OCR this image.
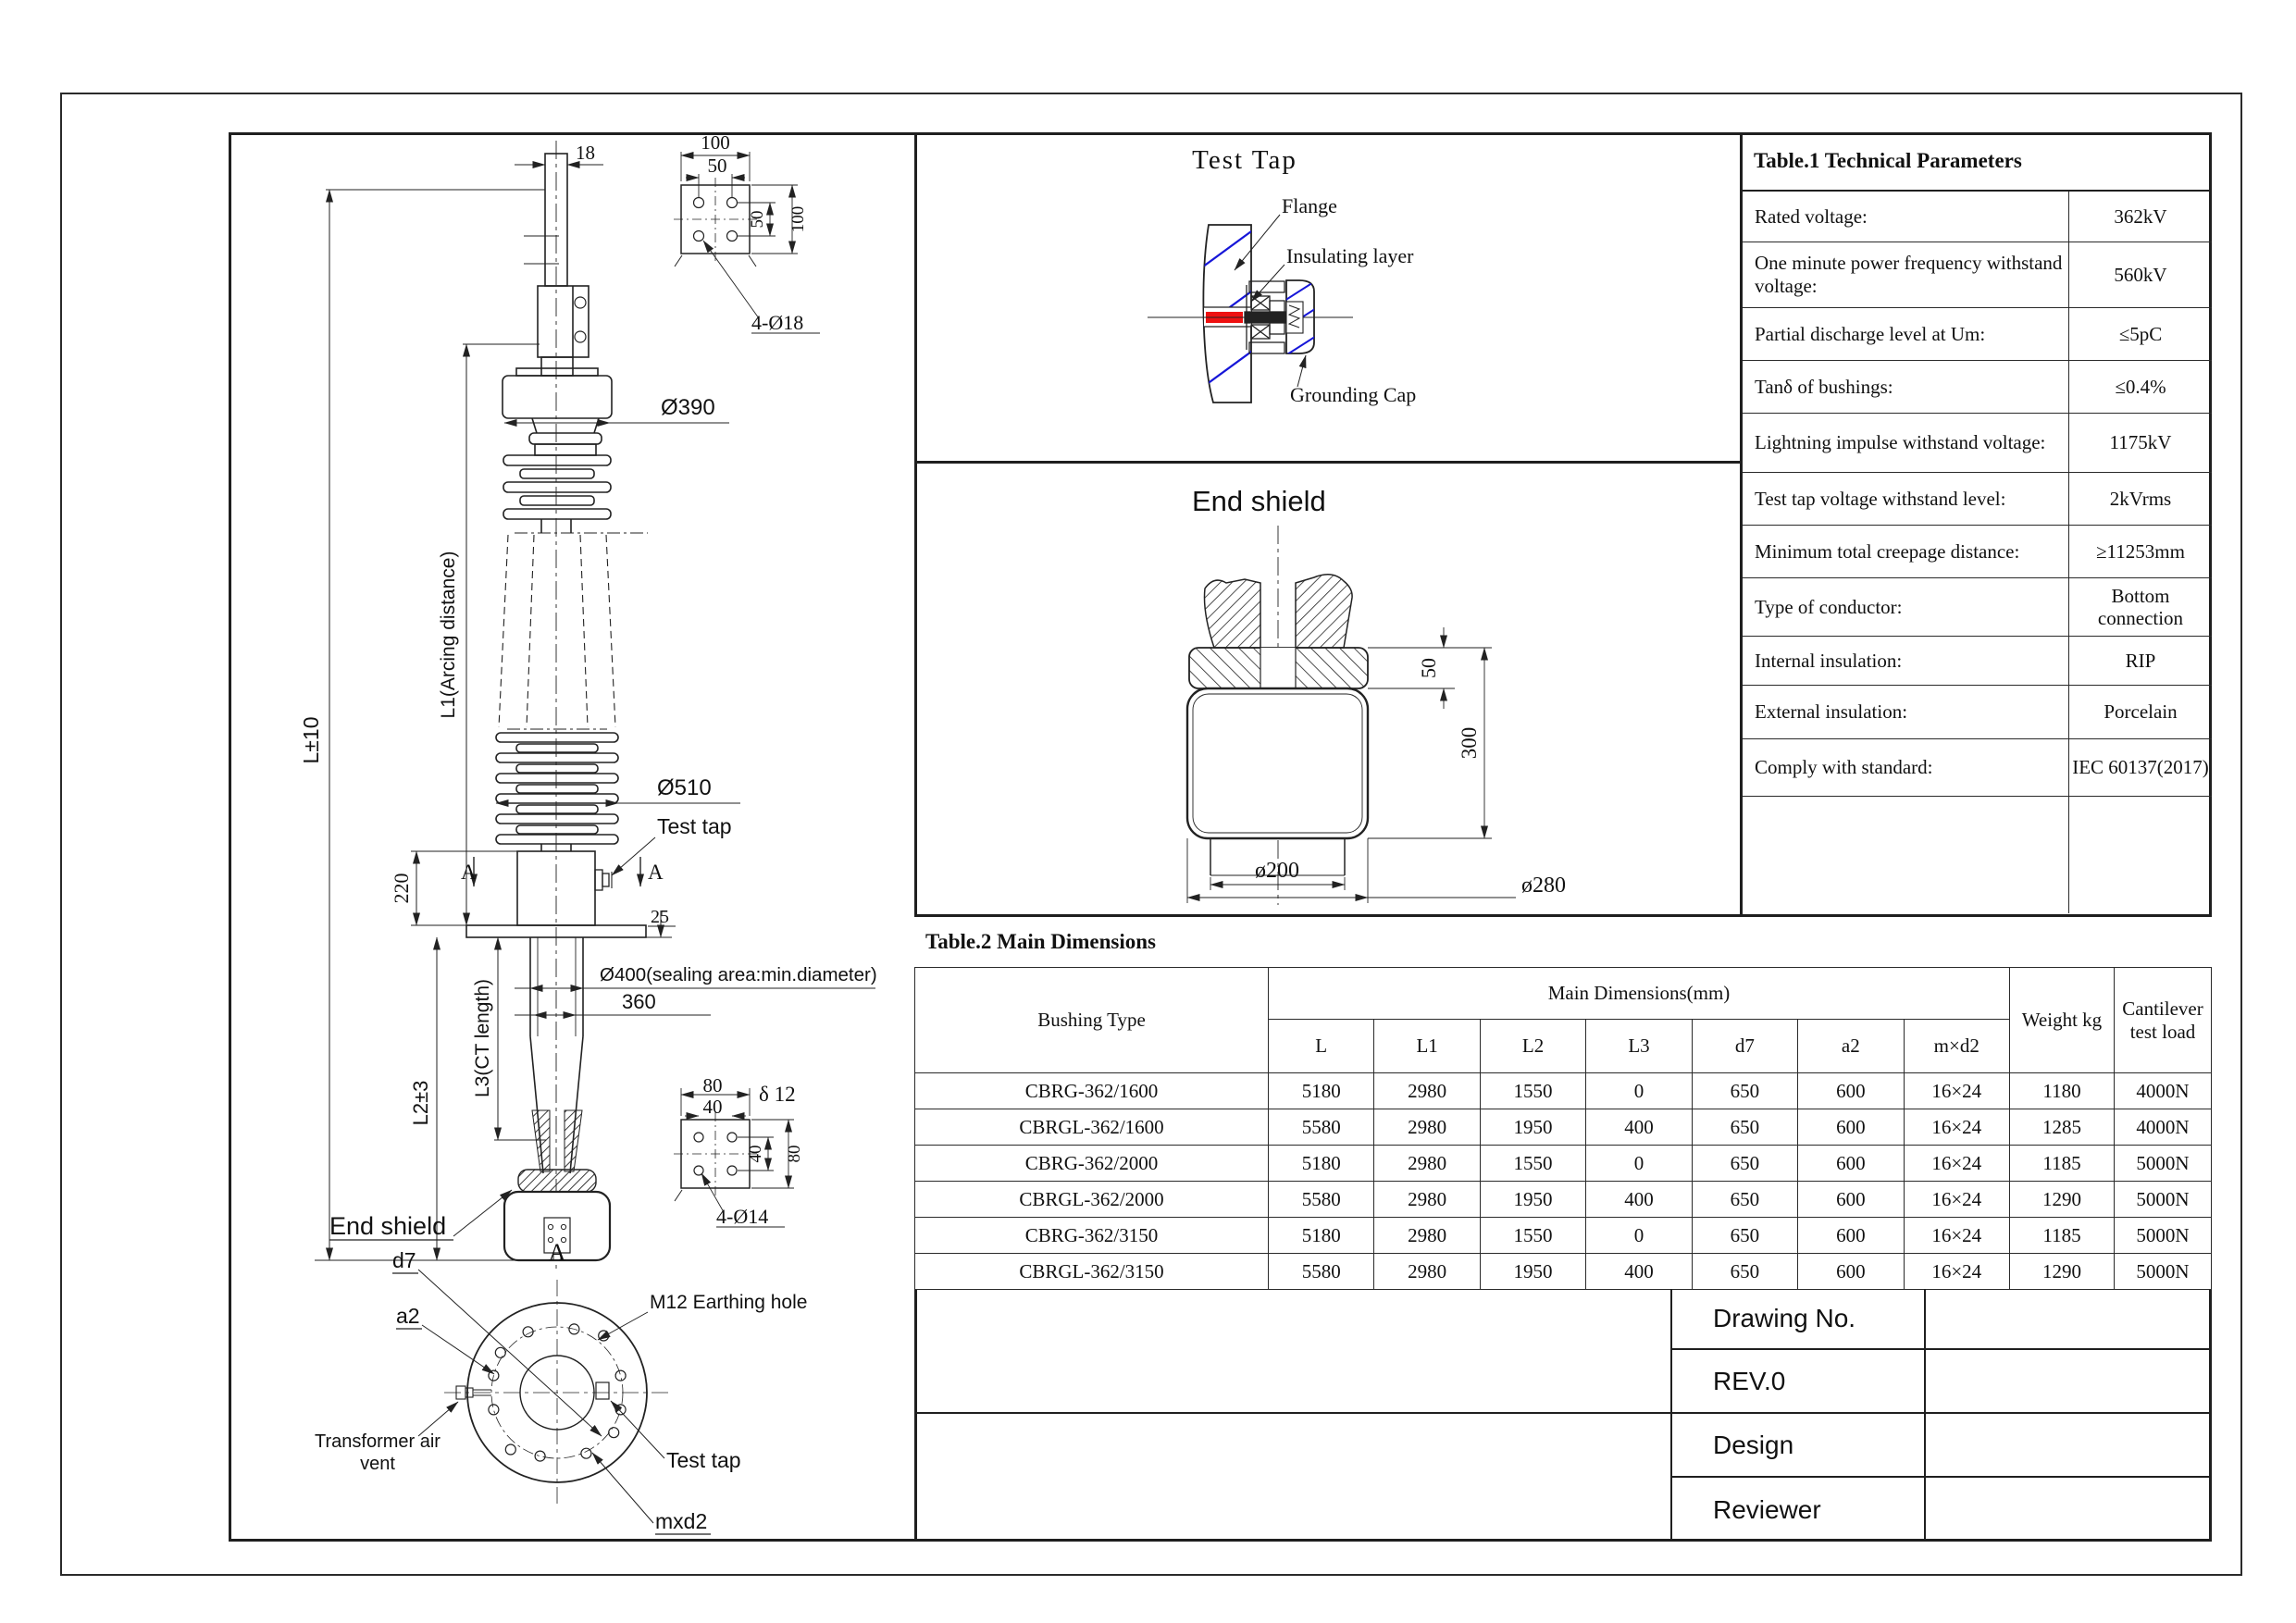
18	100
50
50 100
4-Ø18
Ø390
Ø510
Test tap
L±10
L1(Arcing distance)
220
A	A
25
L3(CT length)
Ø400(sealing area:min.diameter)
360
L2±3
End shield
80
40
δ 12
40 80
4-Ø14
A
d7
a2
M12 Earthing hole
Transformer air
vent	Test tap
mxd2
Test Tap
Flange
Insulating layer
Grounding Cap
End shield
50
300
ø200
ø280
Table.1 Technical Parameters
Rated voltage:	362kV
One minute power frequency withstand voltage:
560kV
Partial discharge level at Um:	≤5pC
Tanδ of bushings:	≤0.4%
Lightning impulse withstand voltage:	1175kV
Test tap voltage withstand level:	2kVrms
Minimum total creepage distance:	≥11253mm
Type of conductor:	Bottom connection
Internal insulation:	RIP
External insulation:	Porcelain
Comply with standard:	IEC 60137(2017)
Table.2 Main Dimensions
Bushing Type	Main Dimensions(mm)							Weight kg	Cantilever test load
	L	L1	L2	L3	d7	a2	m×d2		
CBRG-362/1600	5180	2980	1550	0	650	600	16×24	1180	4000N
CBRGL-362/1600	5580	2980	1950	400	650	600	16×24	1285	4000N
CBRG-362/2000	5180	2980	1550	0	650	600	16×24	1185	5000N
CBRGL-362/2000	5580	2980	1950	400	650	600	16×24	1290	5000N
CBRG-362/3150	5180	2980	1550	0	650	600	16×24	1185	5000N
CBRGL-362/3150	5580	2980	1950	400	650	600	16×24	1290	5000N
Drawing No.
REV.0
Design
Reviewer
